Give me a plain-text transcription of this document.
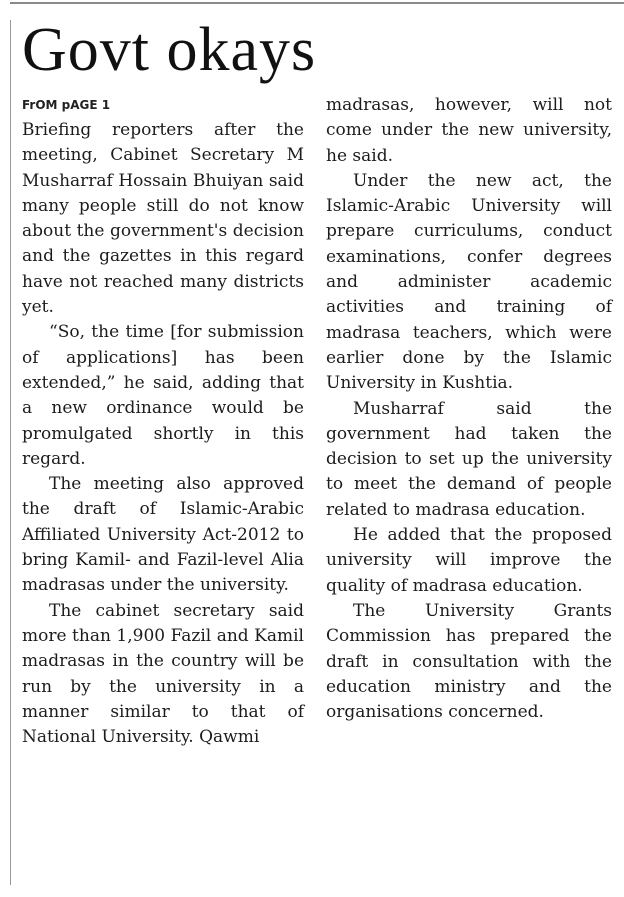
Govt okays
FrOM pAGE 1

Briefing reporters after the meeting, Cabinet Secretary M Musharraf Hossain Bhuiyan said many people still do not know about the government's decision and the gazettes in this regard have not reached many districts yet.

“So, the time [for submission of applications] has been extended,” he said, adding that a new ordinance would be promulgated shortly in this regard.

The meeting also approved the draft of Islamic-Arabic Affiliated University Act-2012 to bring Kamil- and Fazil-level Alia madrasas under the university.

The cabinet secretary said more than 1,900 Fazil and Kamil madrasas in the country will be run by the university in a manner similar to that of National University. Qawmi

madrasas, however, will not come under the new university, he said.

Under the new act, the Islamic-Arabic University will prepare curriculums, conduct examinations, confer degrees and administer academic activities and training of madrasa teachers, which were earlier done by the Islamic University in Kushtia.

Musharraf said the government had taken the decision to set up the university to meet the demand of people related to madrasa education.

He added that the proposed university will improve the quality of madrasa education.

The University Grants Commission has prepared the draft in consultation with the education ministry and the organisations concerned.
